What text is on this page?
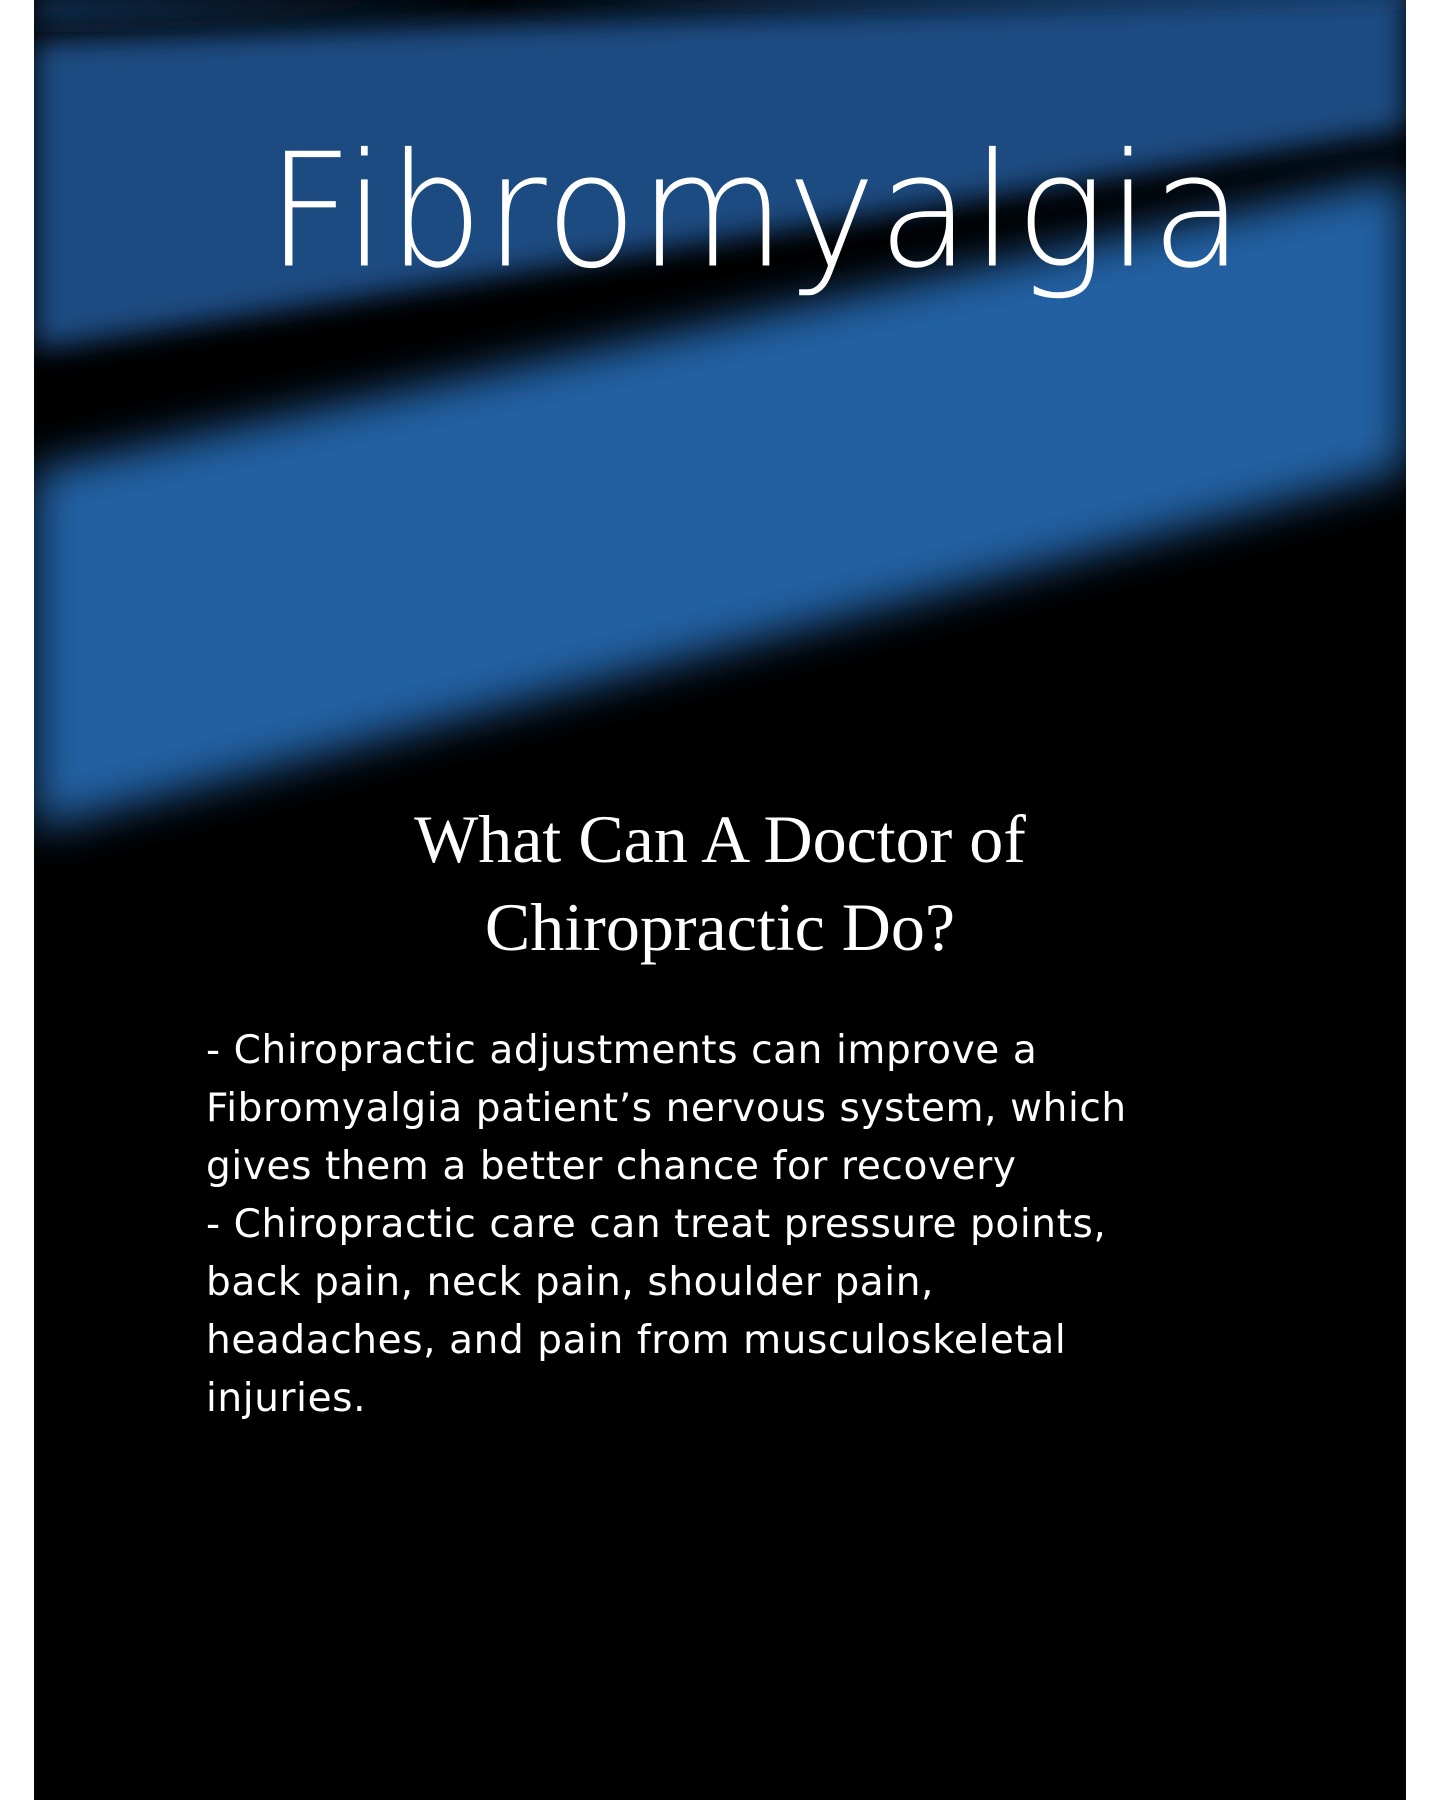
Fibromyalgia
What Can A Doctor of
Chiropractic Do?
- Chiropractic adjustments can improve a
Fibromyalgia patient’s nervous system, which
gives them a better chance for recovery
- Chiropractic care can treat pressure points,
back pain, neck pain, shoulder pain,
headaches, and pain from musculoskeletal
injuries.
